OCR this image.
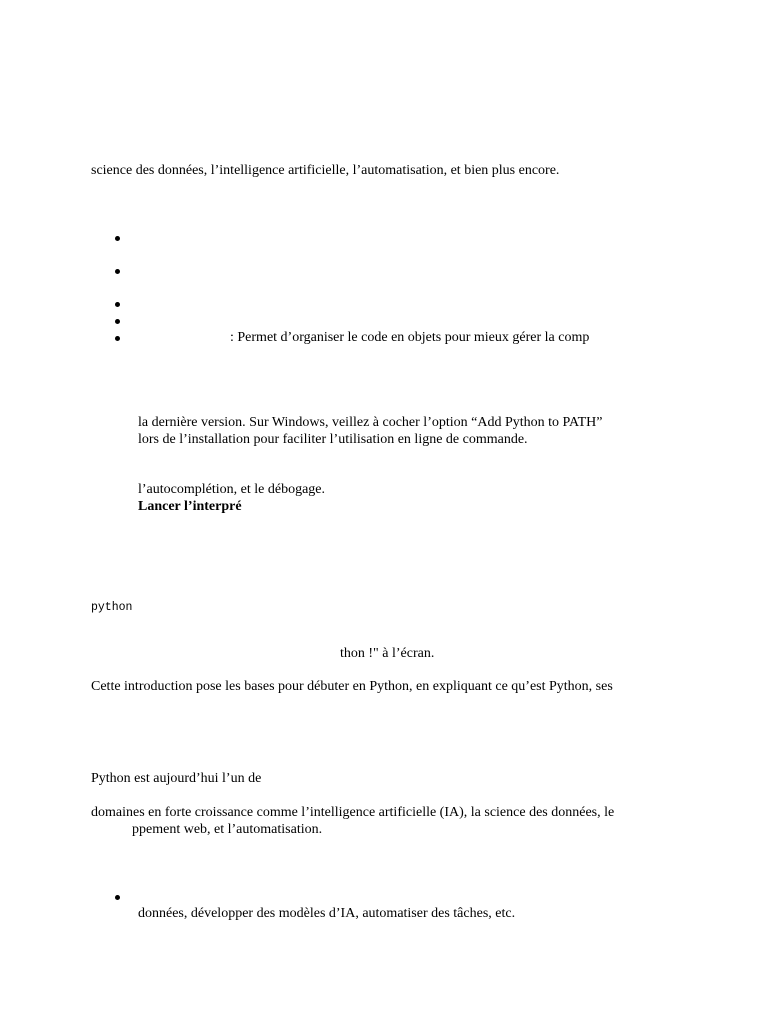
science des données, l’intelligence artificielle, l’automatisation, et bien plus encore.
: Permet d’organiser le code en objets pour mieux gérer la comp
la dernière version. Sur Windows, veillez à cocher l’option “Add Python to PATH”
lors de l’installation pour faciliter l’utilisation en ligne de commande.
l’autocomplétion, et le débogage.
Lancer l’interpré
python
thon !" à l’écran.
Cette introduction pose les bases pour débuter en Python, en expliquant ce qu’est Python, ses
Python est aujourd’hui l’un de
domaines en forte croissance comme l’intelligence artificielle (IA), la science des données, le
ppement web, et l’automatisation.
données, développer des modèles d’IA, automatiser des tâches, etc.
